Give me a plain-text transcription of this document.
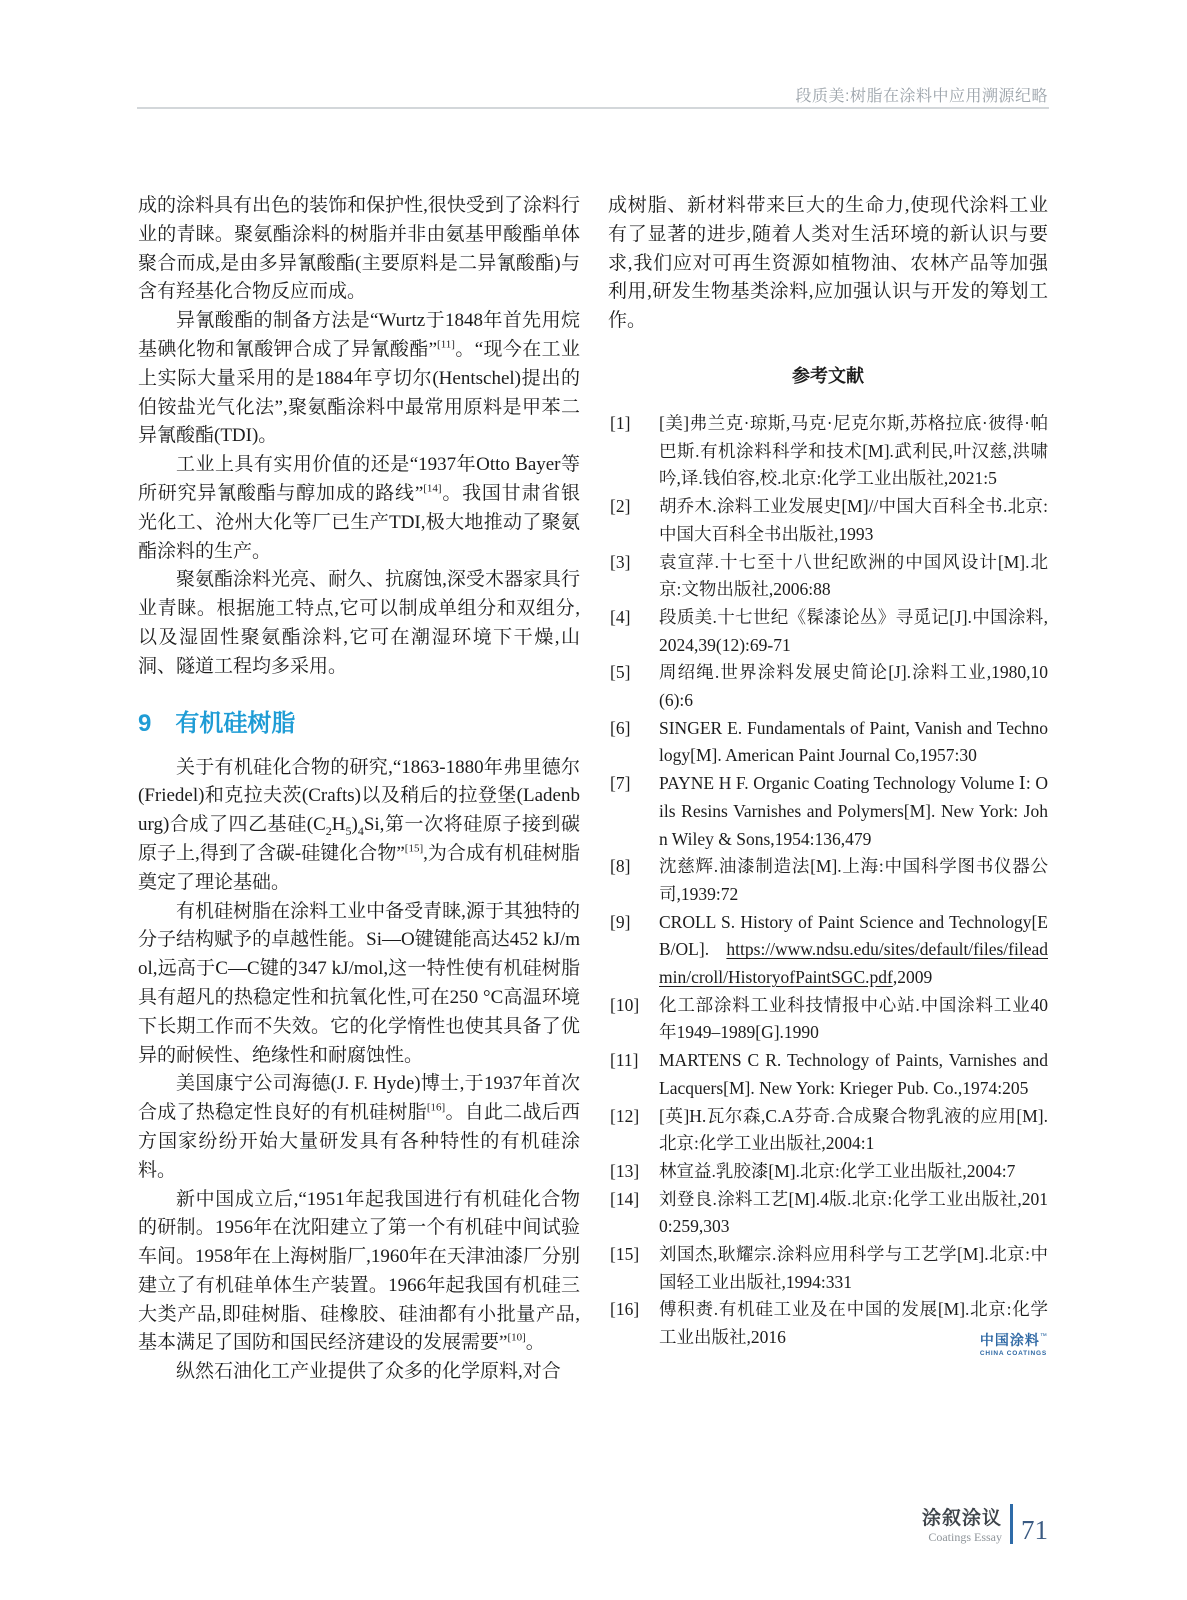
段质美:树脂在涂料中应用溯源纪略

成的涂料具有出色的装饰和保护性,很快受到了涂料行业的青睐。聚氨酯涂料的树脂并非由氨基甲酸酯单体聚合而成,是由多异氰酸酯(主要原料是二异氰酸酯)与含有羟基化合物反应而成。

异氰酸酯的制备方法是“Wurtz于1848年首先用烷基碘化物和氰酸钾合成了异氰酸酯”[11]。“现今在工业上实际大量采用的是1884年亨切尔(Hentschel)提出的伯铵盐光气化法”,聚氨酯涂料中最常用原料是甲苯二异氰酸酯(TDI)。

工业上具有实用价值的还是“1937年Otto Bayer等所研究异氰酸酯与醇加成的路线”[14]。我国甘肃省银光化工、沧州大化等厂已生产TDI,极大地推动了聚氨酯涂料的生产。

聚氨酯涂料光亮、耐久、抗腐蚀,深受木器家具行业青睐。根据施工特点,它可以制成单组分和双组分,以及湿固性聚氨酯涂料,它可在潮湿环境下干燥,山洞、隧道工程均多采用。

9 有机硅树脂

关于有机硅化合物的研究,“1863-1880年弗里德尔(Friedel)和克拉夫茨(Crafts)以及稍后的拉登堡(Ladenburg)合成了四乙基硅$(C_2H_5)_4Si$,第一次将硅原子接到碳原子上,得到了含碳-硅键化合物”[15],为合成有机硅树脂奠定了理论基础。

有机硅树脂在涂料工业中备受青睐,源于其独特的分子结构赋予的卓越性能。Si—O键键能高达452 kJ/mol,远高于C—C键的347 kJ/mol,这一特性使有机硅树脂具有超凡的热稳定性和抗氧化性,可在250 °C高温环境下长期工作而不失效。它的化学惰性也使其具备了优异的耐候性、绝缘性和耐腐蚀性。

美国康宁公司海德(J. F. Hyde)博士,于1937年首次合成了热稳定性良好的有机硅树脂[16]。自此二战后西方国家纷纷开始大量研发具有各种特性的有机硅涂料。

新中国成立后,“1951年起我国进行有机硅化合物的研制。1956年在沈阳建立了第一个有机硅中间试验车间。1958年在上海树脂厂,1960年在天津油漆厂分别建立了有机硅单体生产装置。1966年起我国有机硅三大类产品,即硅树脂、硅橡胶、硅油都有小批量产品,基本满足了国防和国民经济建设的发展需要”[10]。

纵然石油化工产业提供了众多的化学原料,对合

成树脂、新材料带来巨大的生命力,使现代涂料工业有了显著的进步,随着人类对生活环境的新认识与要求,我们应对可再生资源如植物油、农林产品等加强利用,研发生物基类涂料,应加强认识与开发的筹划工作。

参考文献
[1] [美]弗兰克·琼斯,马克·尼克尔斯,苏格拉底·彼得·帕巴斯.有机涂料科学和技术[M].武利民,叶汉慈,洪啸吟,译.钱伯容,校.北京:化学工业出版社,2021:5
[2] 胡乔木.涂料工业发展史[M]//中国大百科全书.北京:中国大百科全书出版社,1993
[3] 袁宣萍.十七至十八世纪欧洲的中国风设计[M].北京:文物出版社,2006:88
[4] 段质美.十七世纪《髹漆论丛》寻觅记[J].中国涂料,2024,39(12):69-71
[5] 周绍绳.世界涂料发展史简论[J].涂料工业,1980,10(6):6
[6] SINGER E. Fundamentals of Paint, Vanish and Technology[M]. American Paint Journal Co,1957:30
[7] PAYNE H F. Organic Coating Technology Volume Ⅰ: Oils Resins Varnishes and Polymers[M]. New York: John Wiley & Sons,1954:136,479
[8] 沈慈辉.油漆制造法[M].上海:中国科学图书仪器公司,1939:72
[9] CROLL S. History of Paint Science and Technology[EB/OL]. https://www.ndsu.edu/sites/default/files/fileadmin/croll/HistoryofPaintSGC.pdf,2009
[10] 化工部涂料工业科技情报中心站.中国涂料工业40年1949–1989[G].1990
[11] MARTENS C R. Technology of Paints, Varnishes and Lacquers[M]. New York: Krieger Pub. Co.,1974:205
[12] [英]H.瓦尔森,C.A芬奇.合成聚合物乳液的应用[M].北京:化学工业出版社,2004:1
[13] 林宣益.乳胶漆[M].北京:化学工业出版社,2004:7
[14] 刘登良.涂料工艺[M].4版.北京:化学工业出版社,2010:259,303
[15] 刘国杰,耿耀宗.涂料应用科学与工艺学[M].北京:中国轻工业出版社,1994:331
[16] 傅积赉.有机硅工业及在中国的发展[M].北京:化学工业出版社,2016	中国涂料™
CHINA COATINGS
涂叙涂议
Coatings Essay 71
